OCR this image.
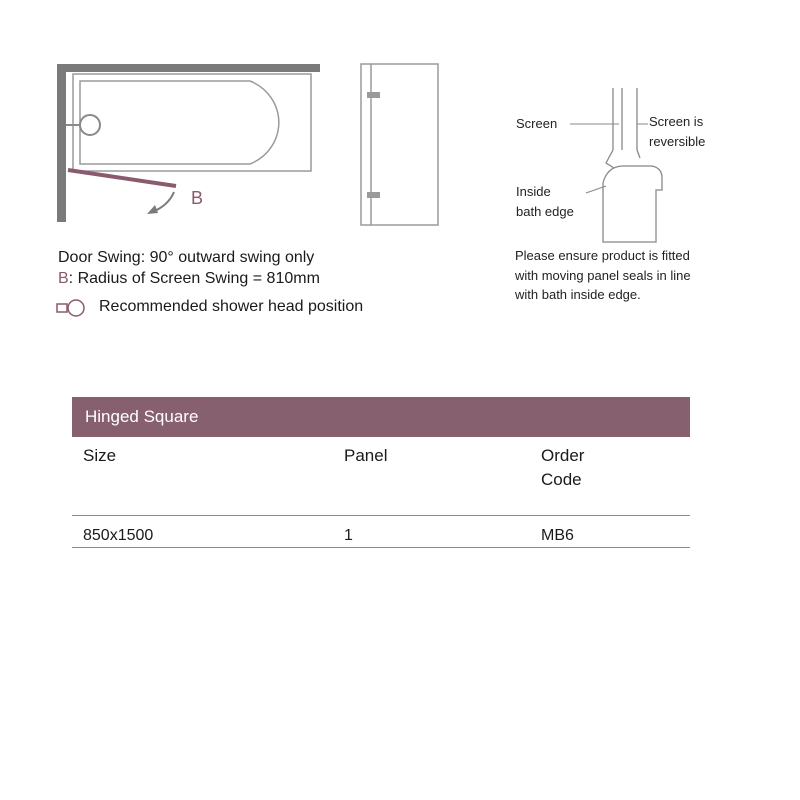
B
Screen	Screen is
reversible
Inside
bath edge
Please ensure product is fitted
with moving panel seals in line
with bath inside edge.
Door Swing: 90° outward swing only
B: Radius of Screen Swing = 810mm
Recommended shower head position
Hinged Square
Size	Panel	Order
Code
850x1500	1	MB6
